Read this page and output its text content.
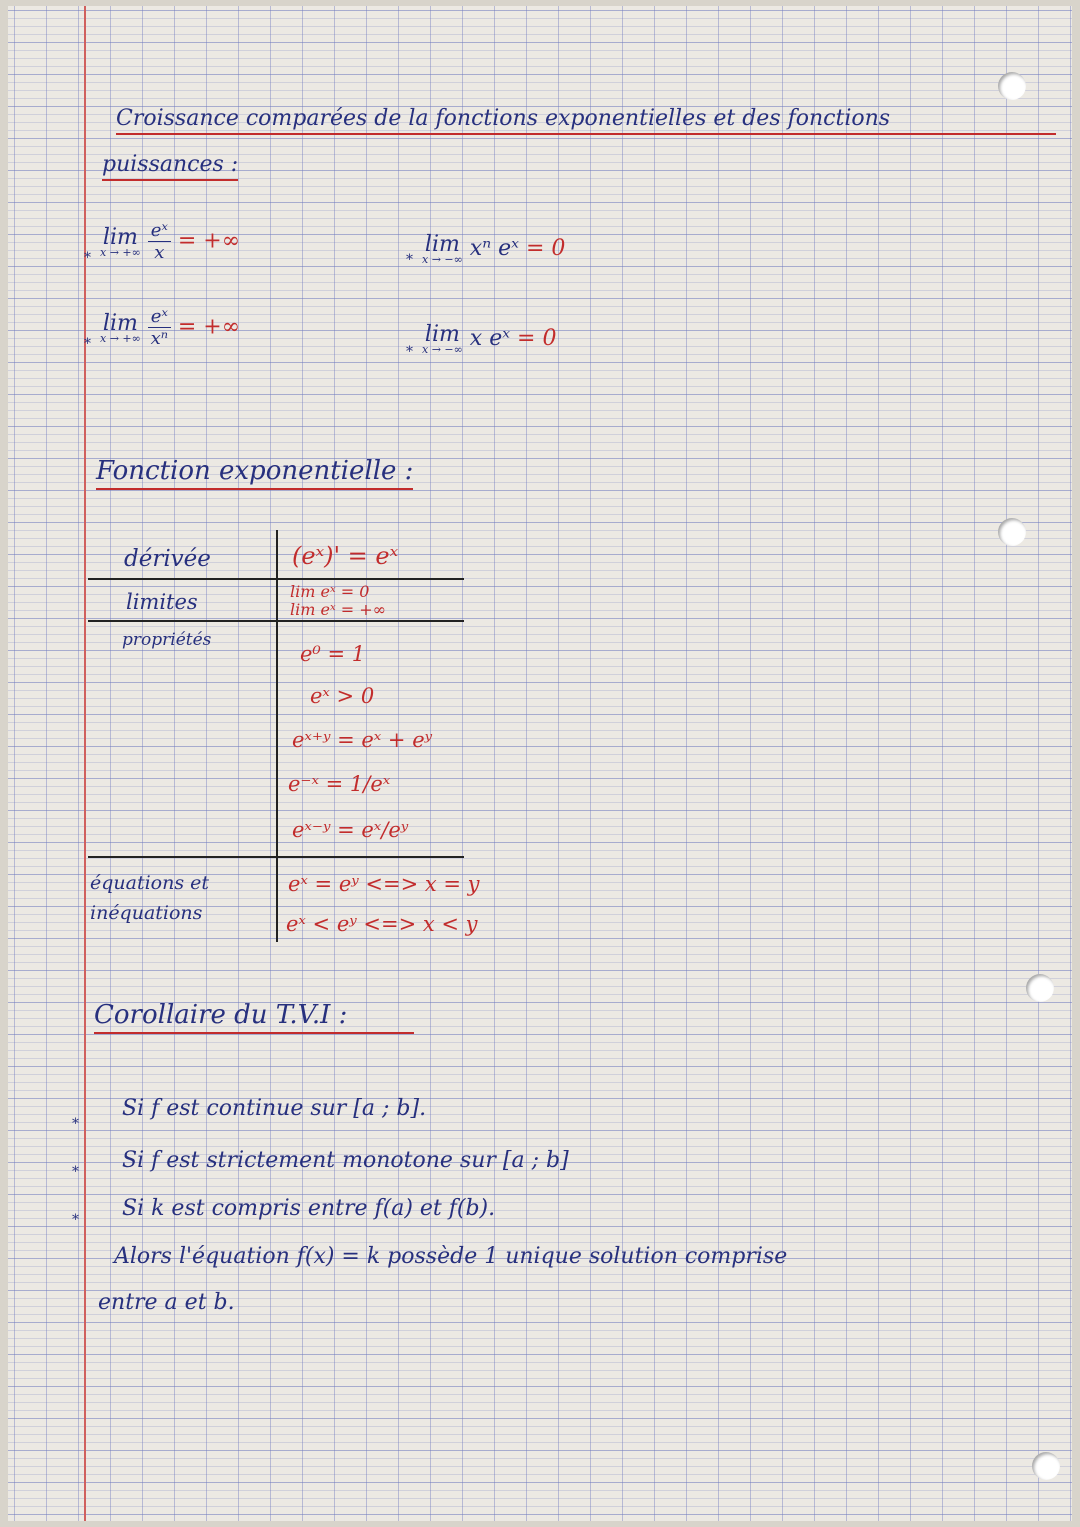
Croissance comparées de la fonctions exponentielles et des fonctions
puissances :
*
lim
x → +∞
$\frac{\text{eˣ}}{x}$ = +∞
*
lim
x → +∞
$\frac{\text{eˣ}}{\text{xⁿ}}$ = +∞
*
lim
x → −∞ xⁿ eˣ = 0
*
lim
x → −∞ x eˣ = 0
Fonction exponentielle :
dérivée	(eˣ)' = eˣ
limites	lim eˣ = 0
lim eˣ = +∞
propriétés
e⁰ = 1
eˣ > 0
eˣ⁺ʸ = eˣ + eʸ
e⁻ˣ = 1/eˣ
eˣ⁻ʸ = eˣ/eʸ
équations et
inéquations
eˣ = eʸ <=> x = y
eˣ < eʸ <=> x < y
Corollaire du T.V.I :
*
*
*
Si f est continue sur [a ; b].
Si f est strictement monotone sur [a ; b]
Si k est compris entre f(a) et f(b).
Alors l'équation f(x) = k possède 1 unique solution comprise
entre a et b.
